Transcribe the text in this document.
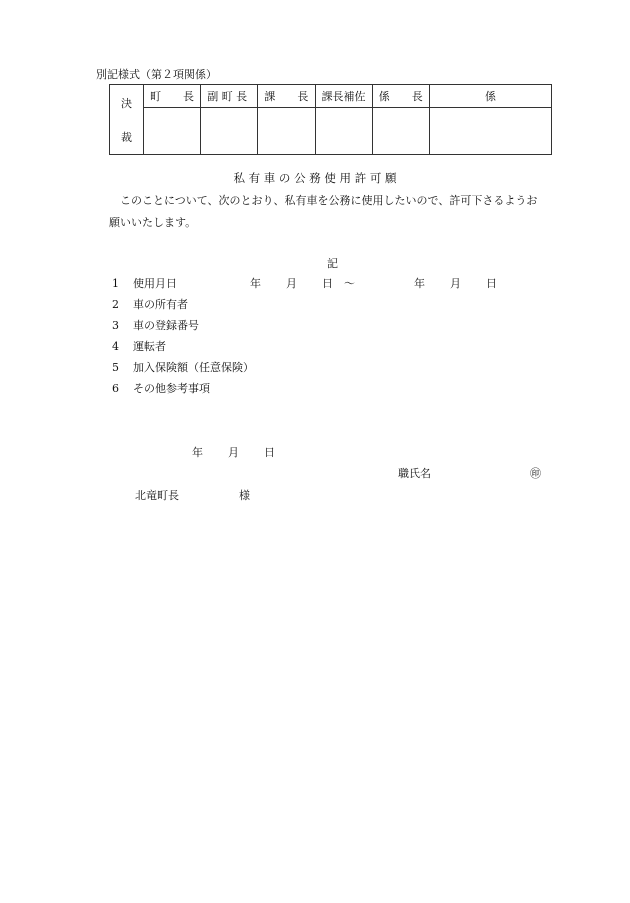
別記様式（第２項関係）
決
裁	町　　長	副 町 長	課　　長	課長補佐	係　　長	係

私 有 車 の 公 務 使 用 許 可 願
このことについて、次のとおり、私有車を公務に使用したいので、許可下さるようお
願いいたします。
記
1 使用月日	年 月 日 ～	年 月 日
2 車の所有者
3 車の登録番号
4 運転者
5 加入保険額（任意保険）
6 その他参考事項
年 月 日
職氏名	㊞
北竜町長	様
